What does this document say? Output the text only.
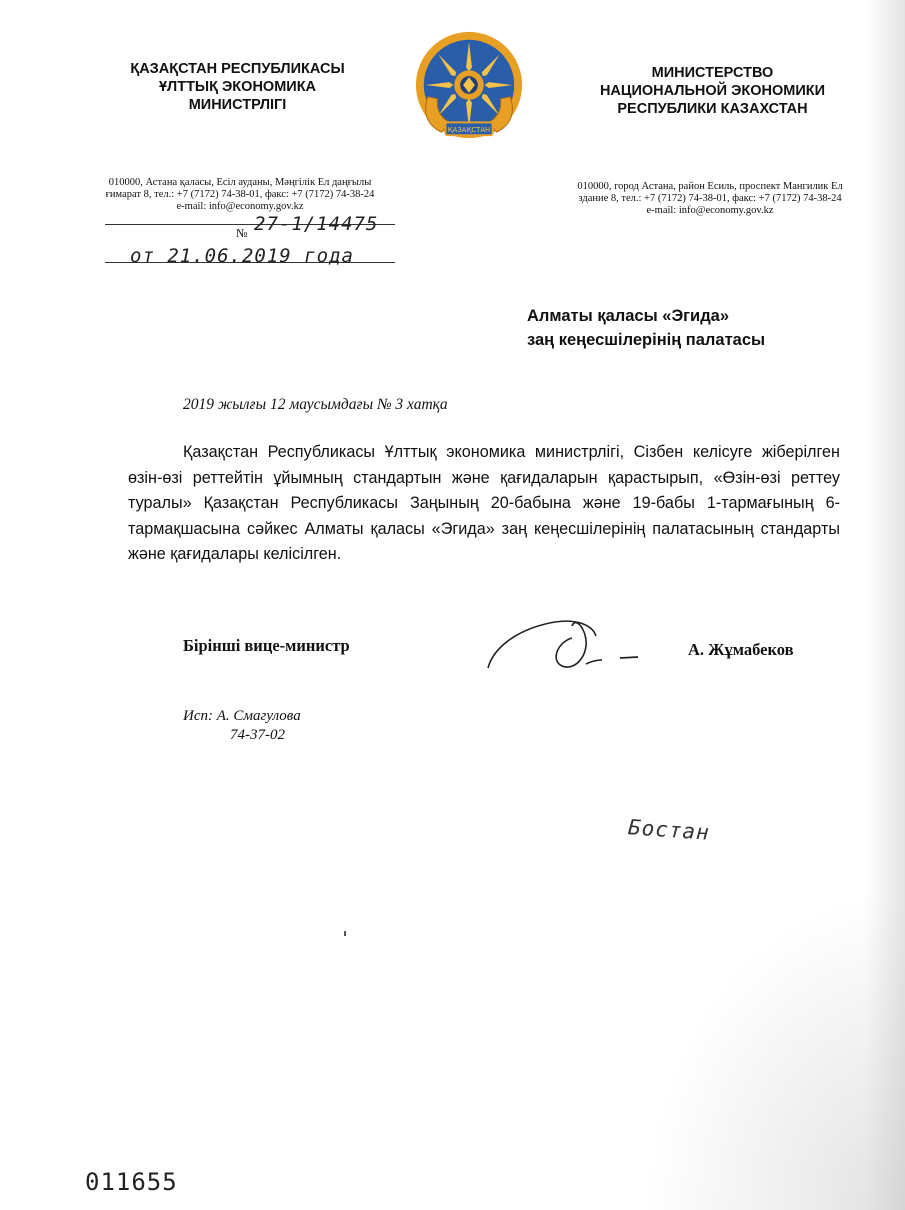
ҚАЗАҚСТАН РЕСПУБЛИКАСЫ
ҰЛТТЫҚ ЭКОНОМИКА
МИНИСТРЛІГІ
ҚАЗАҚСТАН
МИНИСТЕРСТВО
НАЦИОНАЛЬНОЙ ЭКОНОМИКИ
РЕСПУБЛИКИ КАЗАХСТАН
010000, Астана қаласы, Есіл ауданы, Мәңгілік Ел даңғылы
ғимарат 8, тел.: +7 (7172) 74-38-01, факс: +7 (7172) 74-38-24
e-mail: info@economy.gov.kz
010000, город Астана, район Есиль, проспект Мангилик Ел
здание 8, тел.: +7 (7172) 74-38-01, факс: +7 (7172) 74-38-24
e-mail: info@economy.gov.kz
№ 27-1/14475
от 21.06.2019 года
Алматы қаласы «Эгида»
заң кеңесшілерінің палатасы
2019 жылғы 12 маусымдағы № 3 хатқа
Қазақстан Республикасы Ұлттық экономика министрлігі, Сізбен келісуге жіберілген өзін-өзі реттейтін ұйымның стандартын және қағидаларын қарастырып, «Өзін-өзі реттеу туралы» Қазақстан Республикасы Заңының 20-бабына және 19-бабы 1-тармағының 6-тармақшасына сәйкес Алматы қаласы «Эгида» заң кеңесшілерінің палатасының стандарты және қағидалары келісілген.
Бірінші вице-министр	А. Жұмабеков
Исп: А. Смагулова
74-37-02
Бостан
011655
